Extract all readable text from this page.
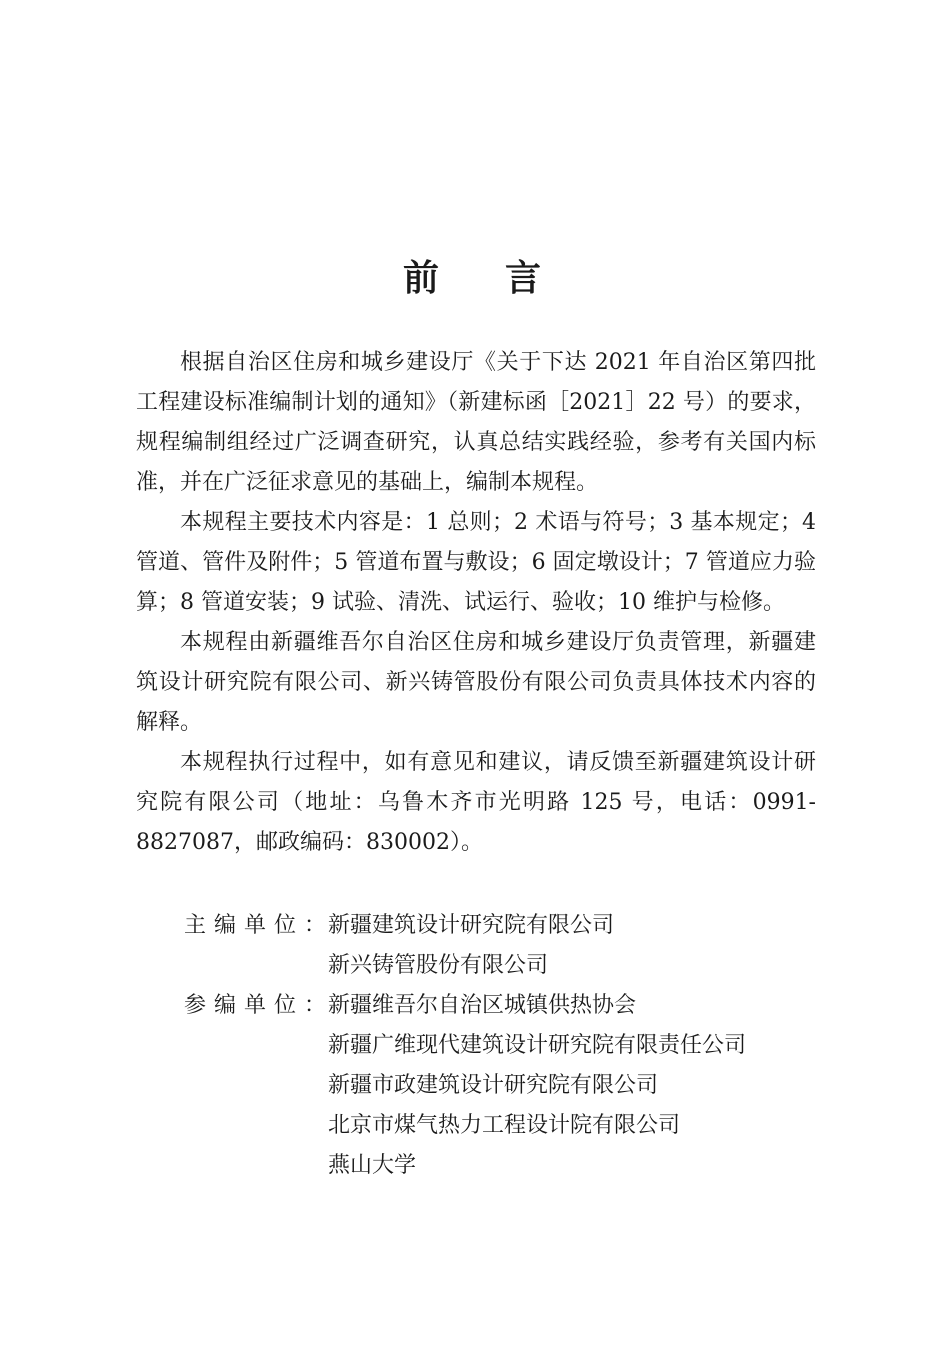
前 言

根据自治区住房和城乡建设厅《关于下达 2021 年自治区第四批工程建设标准编制计划的通知》（新建标函［2021］22 号）的要求，规程编制组经过广泛调查研究，认真总结实践经验，参考有关国内标准，并在广泛征求意见的基础上，编制本规程。

本规程主要技术内容是：1 总则；2 术语与符号；3 基本规定；4 管道、管件及附件；5 管道布置与敷设；6 固定墩设计；7 管道应力验算；8 管道安装；9 试验、清洗、试运行、验收；10 维护与检修。

本规程由新疆维吾尔自治区住房和城乡建设厅负责管理，新疆建筑设计研究院有限公司、新兴铸管股份有限公司负责具体技术内容的解释。

本规程执行过程中，如有意见和建议，请反馈至新疆建筑设计研究院有限公司（地址：乌鲁木齐市光明路 125 号，电话：0991-8827087，邮政编码：830002）。

主编单位：
新疆建筑设计研究院有限公司
新兴铸管股份有限公司
参编单位：
新疆维吾尔自治区城镇供热协会
新疆广维现代建筑设计研究院有限责任公司
新疆市政建筑设计研究院有限公司
北京市煤气热力工程设计院有限公司
燕山大学
